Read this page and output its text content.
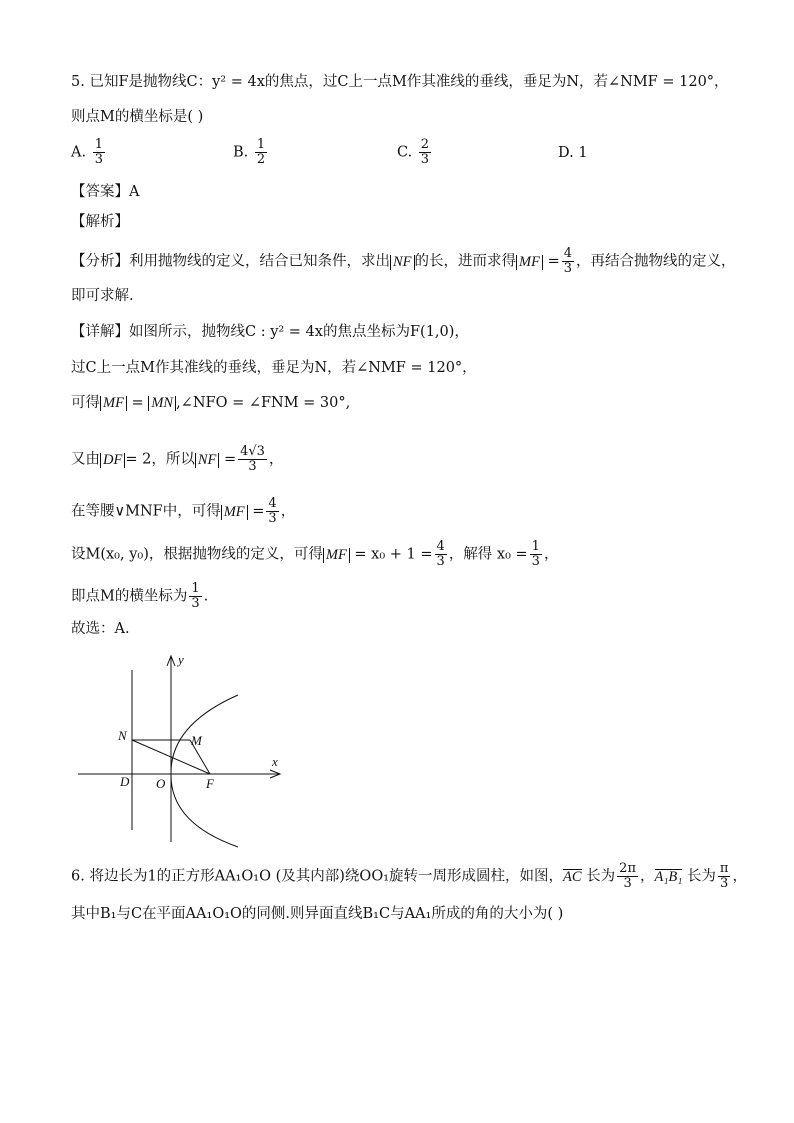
5. 已知F是抛物线C：y² = 4x的焦点，过C上一点M作其准线的垂线，垂足为N，若∠NMF = 120°，
则点M的横坐标是( )
A. $\frac{1}{3}$	B. $\frac{1}{2}$	C. $\frac{2}{3}$	D. 1
【答案】A
【解析】
【分析】利用抛物线的定义，结合已知条件，求出 NF 的长，进而求得 MF = $\frac{4}{3}$ ，再结合抛物线的定义，
即可求解.
【详解】如图所示，抛物线C : y² = 4x的焦点坐标为F(1,0)，
过C上一点M作其准线的垂线，垂足为N，若∠NMF = 120°，
可得 MF = MN ,∠NFO = ∠FNM = 30°,
又由 DF = 2，所以 NF = $\frac{4√3}{3}$ ，
在等腰∨MNF中，可得 MF = $\frac{4}{3}$ ，
设M(x₀, y₀)，根据抛物线的定义，可得 MF = $x_0 + 1 = \frac{4}{3}$ ，解得 $x_0 = \frac{1}{3}$ ，
即点M的横坐标为 $\frac{1}{3}$ .
故选：A.
y
x
N	M
D O	F
6. 将边长为1的正方形AA₁O₁O (及其内部)绕OO₁旋转一周形成圆柱，如图，AC 长为 $\frac{2\pi}{3}$ ，A₁B₁ 长为 $\frac{\pi}{3}$ ，
其中B₁与C在平面AA₁O₁O的同侧.则异面直线B₁C与AA₁所成的角的大小为( )
